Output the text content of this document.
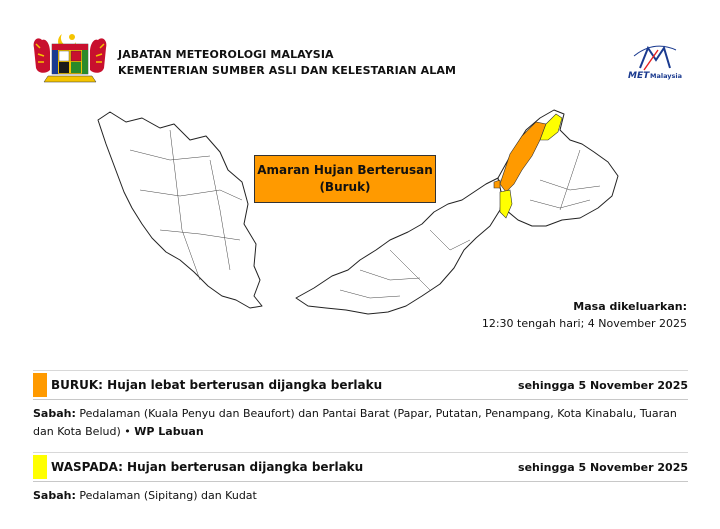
JABATAN METEOROLOGI MALAYSIA
KEMENTERIAN SUMBER ASLI DAN KELESTARIAN ALAM	MET Malaysia
Amaran Hujan Berterusan
(Buruk)
Masa dikeluarkan:
12:30 tengah hari; 4 November 2025
BURUK: Hujan lebat berterusan dijangka berlaku	sehingga 5 November 2025
Sabah: Pedalaman (Kuala Penyu dan Beaufort) dan Pantai Barat (Papar, Putatan, Penampang, Kota Kinabalu, Tuaran dan Kota Belud) • WP Labuan
WASPADA: Hujan berterusan dijangka berlaku	sehingga 5 November 2025
Sabah: Pedalaman (Sipitang) dan Kudat
